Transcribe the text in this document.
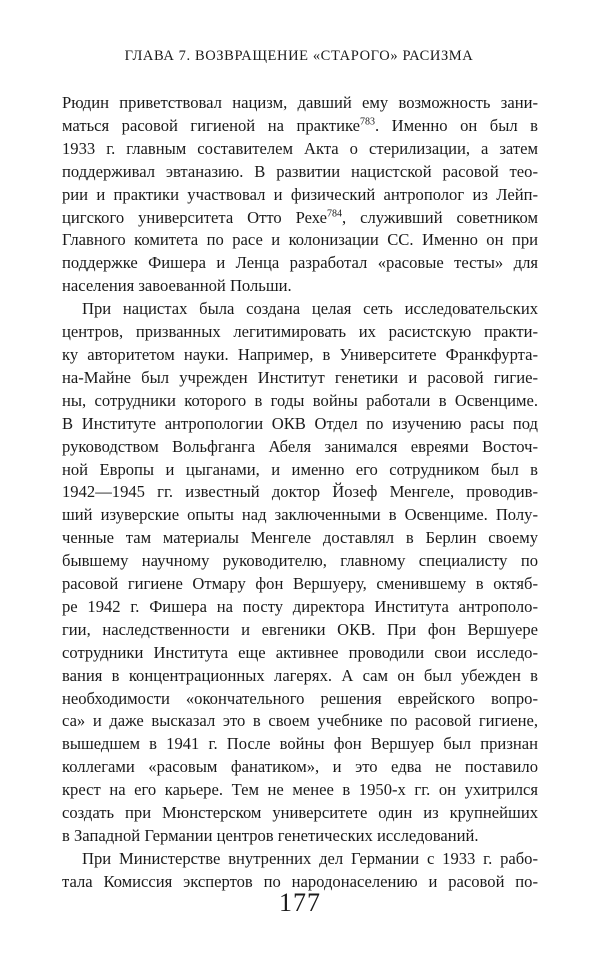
ГЛАВА 7. ВОЗВРАЩЕНИЕ «СТАРОГО» РАСИЗМА
Рюдин приветствовал нацизм, давший ему возможность зани-
маться расовой гигиеной на практике$^{783}$. Именно он был в
1933 г. главным составителем Акта о стерилизации, а затем
поддерживал эвтаназию. В развитии нацистской расовой тео-
рии и практики участвовал и физический антрополог из Лейп-
цигского университета Отто Рехе$^{784}$, служивший советником
Главного комитета по расе и колонизации СС. Именно он при
поддержке Фишера и Ленца разработал «расовые тесты» для
населения завоеванной Польши.
При нацистах была создана целая сеть исследовательских
центров, призванных легитимировать их расистскую практи-
ку авторитетом науки. Например, в Университете Франкфурта-
на-Майне был учрежден Институт генетики и расовой гигие-
ны, сотрудники которого в годы войны работали в Освенциме.
В Институте антропологии ОКВ Отдел по изучению расы под
руководством Вольфганга Абеля занимался евреями Восточ-
ной Европы и цыганами, и именно его сотрудником был в
1942—1945 гг. известный доктор Йозеф Менгеле, проводив-
ший изуверские опыты над заключенными в Освенциме. Полу-
ченные там материалы Менгеле доставлял в Берлин своему
бывшему научному руководителю, главному специалисту по
расовой гигиене Отмару фон Вершуеру, сменившему в октяб-
ре 1942 г. Фишера на посту директора Института антрополо-
гии, наследственности и евгеники ОКВ. При фон Вершуере
сотрудники Института еще активнее проводили свои исследо-
вания в концентрационных лагерях. А сам он был убежден в
необходимости «окончательного решения еврейского вопро-
са» и даже высказал это в своем учебнике по расовой гигиене,
вышедшем в 1941 г. После войны фон Вершуер был признан
коллегами «расовым фанатиком», и это едва не поставило
крест на его карьере. Тем не менее в 1950-х гг. он ухитрился
создать при Мюнстерском университете один из крупнейших
в Западной Германии центров генетических исследований.
При Министерстве внутренних дел Германии с 1933 г. рабо-
тала Комиссия экспертов по народонаселению и расовой по-
177
